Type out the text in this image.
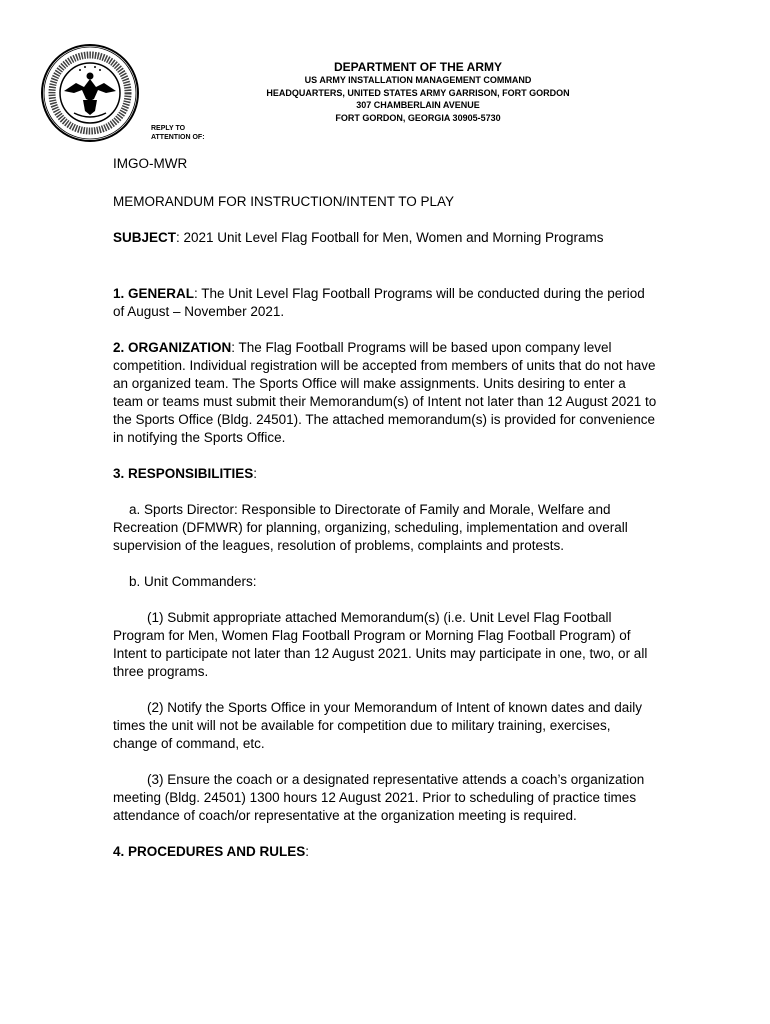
DEPARTMENT OF THE ARMY
US ARMY INSTALLATION MANAGEMENT COMMAND
HEADQUARTERS, UNITED STATES ARMY GARRISON, FORT GORDON
307 CHAMBERLAIN AVENUE
FORT GORDON, GEORGIA 30905-5730
REPLY TO
ATTENTION OF:

IMGO-MWR

MEMORANDUM FOR INSTRUCTION/INTENT TO PLAY

SUBJECT: 2021 Unit Level Flag Football for Men, Women and Morning Programs

1. GENERAL: The Unit Level Flag Football Programs will be conducted during the period of August – November 2021.

2. ORGANIZATION: The Flag Football Programs will be based upon company level competition. Individual registration will be accepted from members of units that do not have an organized team. The Sports Office will make assignments. Units desiring to enter a team or teams must submit their Memorandum(s) of Intent not later than 12 August 2021 to the Sports Office (Bldg. 24501). The attached memorandum(s) is provided for convenience in notifying the Sports Office.

3. RESPONSIBILITIES:

a. Sports Director: Responsible to Directorate of Family and Morale, Welfare and Recreation (DFMWR) for planning, organizing, scheduling, implementation and overall supervision of the leagues, resolution of problems, complaints and protests.

b. Unit Commanders:

(1) Submit appropriate attached Memorandum(s) (i.e. Unit Level Flag Football Program for Men, Women Flag Football Program or Morning Flag Football Program) of Intent to participate not later than 12 August 2021. Units may participate in one, two, or all three programs.

(2) Notify the Sports Office in your Memorandum of Intent of known dates and daily times the unit will not be available for competition due to military training, exercises, change of command, etc.

(3) Ensure the coach or a designated representative attends a coach’s organization meeting (Bldg. 24501) 1300 hours 12 August 2021. Prior to scheduling of practice times attendance of coach/or representative at the organization meeting is required.

4. PROCEDURES AND RULES:
